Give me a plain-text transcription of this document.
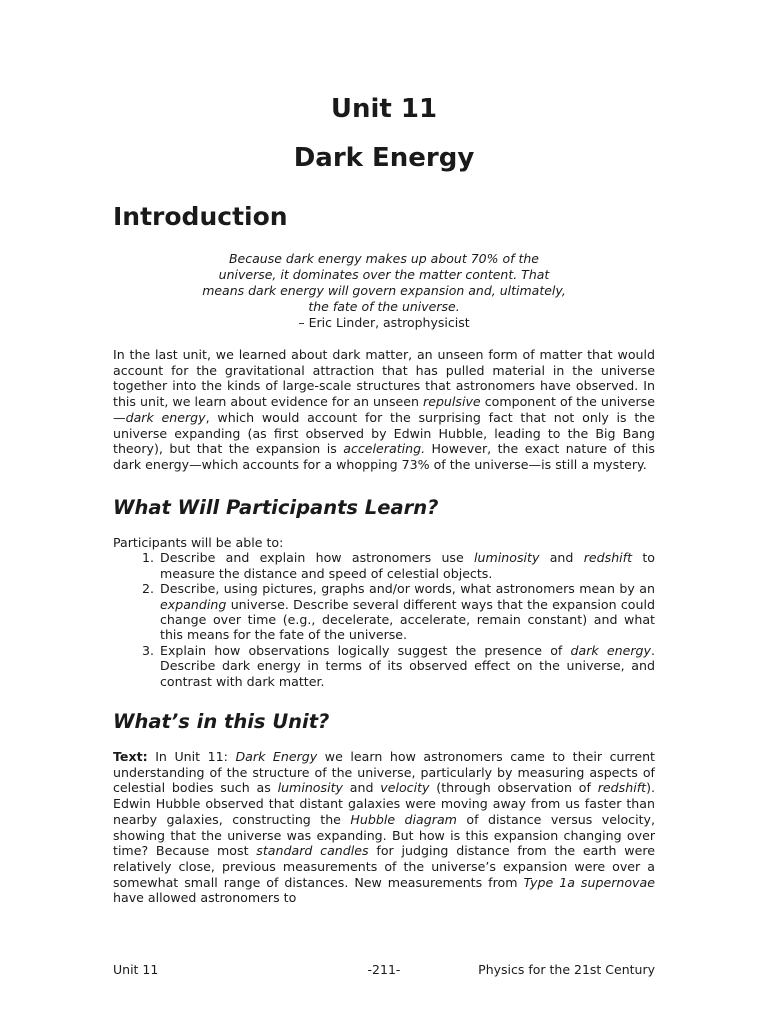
Unit 11
Dark Energy
Introduction
Because dark energy makes up about 70% of the universe, it dominates over the matter content. That means dark energy will govern expansion and, ultimately, the fate of the universe.
– Eric Linder, astrophysicist

In the last unit, we learned about dark matter, an unseen form of matter that would account for the gravitational attraction that has pulled material in the universe together into the kinds of large-scale structures that astronomers have observed. In this unit, we learn about evidence for an unseen repulsive component of the universe—dark energy, which would account for the surprising fact that not only is the universe expanding (as first observed by Edwin Hubble, leading to the Big Bang theory), but that the expansion is accelerating. However, the exact nature of this dark energy—which accounts for a whopping 73% of the universe—is still a mystery.

What Will Participants Learn?

Participants will be able to:

1. Describe and explain how astronomers use luminosity and redshift to measure the distance and speed of celestial objects.
2. Describe, using pictures, graphs and/or words, what astronomers mean by an expanding universe. Describe several different ways that the expansion could change over time (e.g., decelerate, accelerate, remain constant) and what this means for the fate of the universe.
3. Explain how observations logically suggest the presence of dark energy. Describe dark energy in terms of its observed effect on the universe, and contrast with dark matter.
What’s in this Unit?

Text: In Unit 11: Dark Energy we learn how astronomers came to their current understanding of the structure of the universe, particularly by measuring aspects of celestial bodies such as luminosity and velocity (through observation of redshift). Edwin Hubble observed that distant galaxies were moving away from us faster than nearby galaxies, constructing the Hubble diagram of distance versus velocity, showing that the universe was expanding. But how is this expansion changing over time? Because most standard candles for judging distance from the earth were relatively close, previous measurements of the universe’s expansion were over a somewhat small range of distances. New measurements from Type 1a supernovae have allowed astronomers to

Unit 11	-211-	Physics for the 21st Century
